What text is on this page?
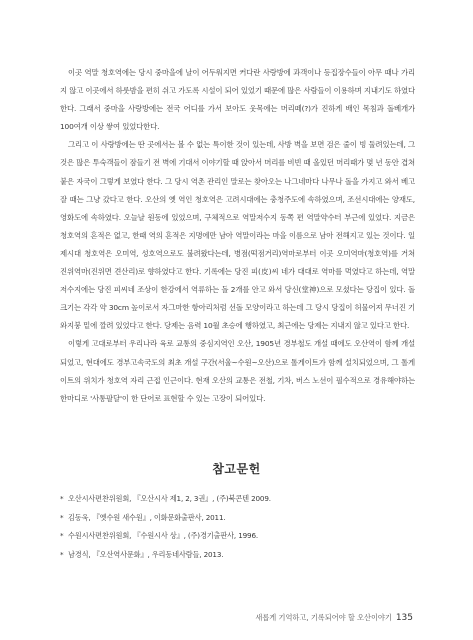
이곳 역말 청호역에는 당시 중마을에 날이 어두워지면 커다란 사랑방에 과객이나 등집장수들이 아무 때나 가리지 않고 이곳에서 하룻밤을 편히 쉬고 가도록 시설이 되어 있었기 때문에 많은 사람들이 이용하며 지내기도 하였다 한다. 그래서 중마을 사랑방에는 전국 어디를 가서 보아도 웃목에는 머리떼(?)가 진하게 배인 목침과 돌베개가 100여개 이상 쌓여 있었다한다.

그리고 이 사랑방에는 딴 곳에서는 볼 수 없는 특이한 것이 있는데, 사방 벽을 보면 검은 줄이 빙 둘려있는데, 그것은 많은 투숙객들이 잠들기 전 벽에 기대서 이야기할 때 앉아서 머리를 비빈 때 올있던 머리때가 몇 년 동안 겹쳐 붙은 자국이 그렇게 보였다 한다. 그 당시 역촌 관리인 말로는 찾아오는 나그네마다 나무나 돌을 가지고 와서 베고 잘 때는 그냥 갔다고 한다. 오산의 옛 역인 청호역은 고려시대에는 충청주도에 속하였으며, 조선시대에는 양재도, 영화도에 속하였다. 오늘날 원동에 있었으며, 구체적으로 역말저수지 동쪽 편 역말약수터 부근에 있었다. 지금은 청호역의 흔적은 없고, 한때 역의 흔적은 지명에만 남아 역말이라는 마을 이름으로 남아 전해지고 있는 것이다. 일제시대 청호역은 오미역, 성호역으로도 불려왔다는데, 병점(떡점거리)역마로부터 이곳 오미역마(청호역)를 거쳐 진위역마(진위면 견산리)로 향하였다고 한다. 기록에는 당진 피(皮)씨 네가 대대로 역마를 먹였다고 하는데, 역말저수지에는 당진 피씨네 조상이 한강에서 역류하는 돌 2개를 안고 와서 당신(堂神)으로 모셨다는 당집이 있다. 돌 크기는 각각 약 30cm 높이로서 자그마한 항아리처럼 선돌 모양이라고 하는데 그 당시 당집이 허물어져 무너진 기와지붕 밑에 깔려 있었다고 한다. 당제는 음력 10월 초승에 행하였고, 최근에는 당제는 지내지 않고 있다고 한다.

이렇게 고대로부터 우리나라 육로 교통의 중심지역인 오산, 1905년 경부철도 개설 때에도 오산역이 함께 개설되었고, 현대에도 경부고속국도의 최초 개설 구간(서울~수원~오산)으로 톨게이트가 함께 설치되었으며, 그 톨게이트의 위치가 청호역 자리 근접 인근이다. 현재 오산의 교통은 전철, 기차, 버스 노선이 필수적으로 경유해야하는 한마디로 '사통팔달'이 한 단어로 표현할 수 있는 고장이 되어있다.

참고문헌
* 오산시사편찬위원회, 『오산시사 제1, 2, 3권』, (주)북콘텐 2009.
* 김동욱, 『옛수원 새수원』, 이화문화출판사, 2011.
* 수원시사편찬위원회, 『수원시사 상』, (주)경기출판사, 1996.
* 남경식, 『오산역사문화』, 우리동네사람들, 2013.
새롭게 기억하고, 기록되어야 할 오산이야기 135
